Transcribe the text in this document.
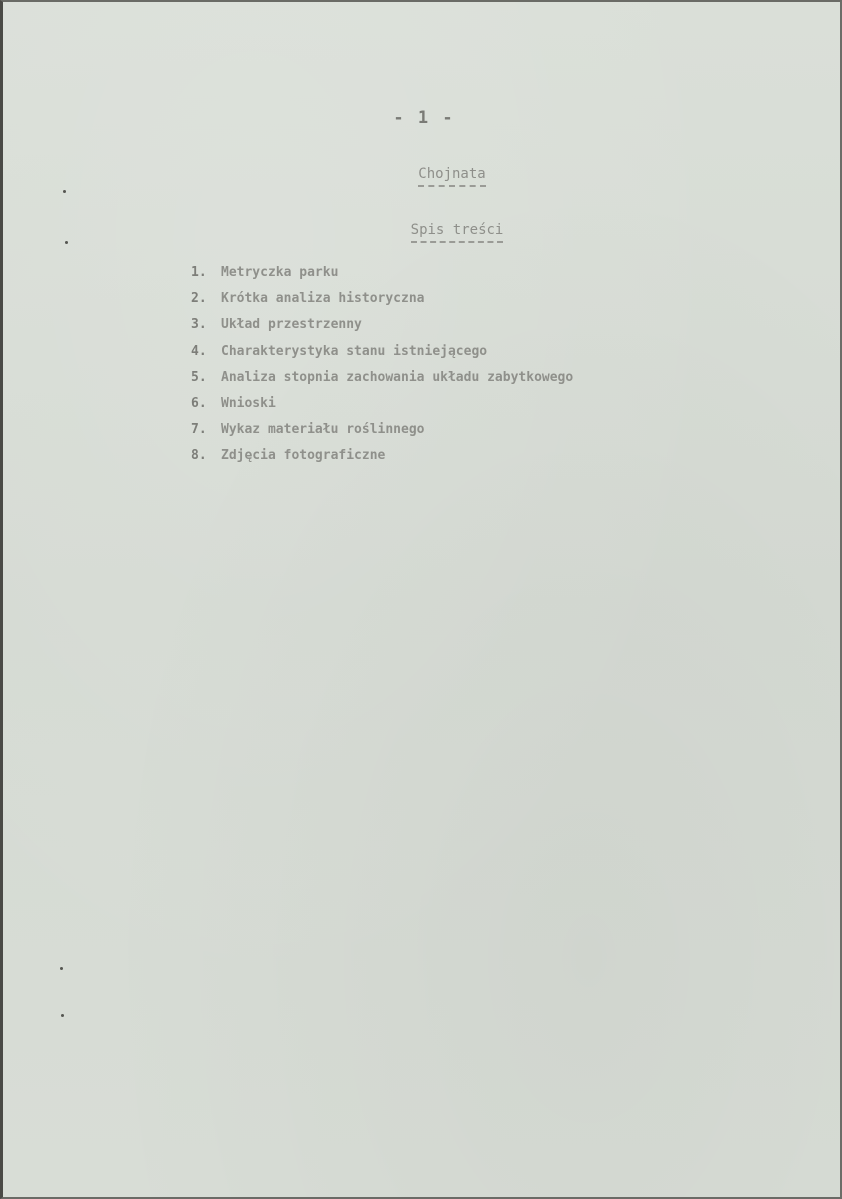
- 1 -
Chojnata
Spis treści
1. Metryczka parku
2. Krótka analiza historyczna
3. Układ przestrzenny
4. Charakterystyka stanu istniejącego
5. Analiza stopnia zachowania układu zabytkowego
6. Wnioski
7. Wykaz materiału roślinnego
8. Zdjęcia fotograficzne
